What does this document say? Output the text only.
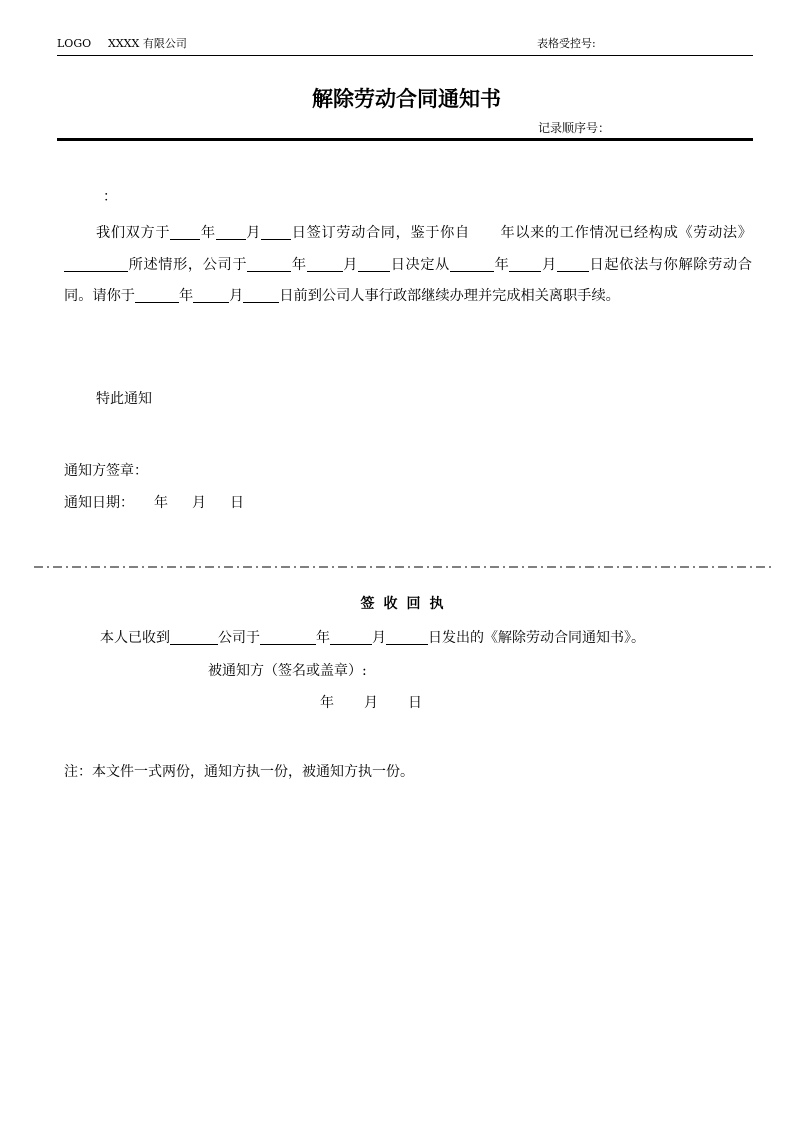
LOGO XXXX 有限公司	表格受控号:
解除劳动合同通知书
记录顺序号：
：

我们双方于 年 月 日签订劳动合同，鉴于你自 年以来的工作情况已经构成《劳动法》所述情形，公司于	年	月 日决定从	年 月 日起依法与你解除劳动合同。请你于	年	月	日前到公司人事行政部继续办理并完成相关离职手续。

特此通知
通知方签章：
通知日期： 年 月 日
签收回执
本人已收到	公司于	年	月	日发出的《解除劳动合同通知书》。
被通知方（签名或盖章）:
年 月 日
注：本文件一式两份，通知方执一份，被通知方执一份。
